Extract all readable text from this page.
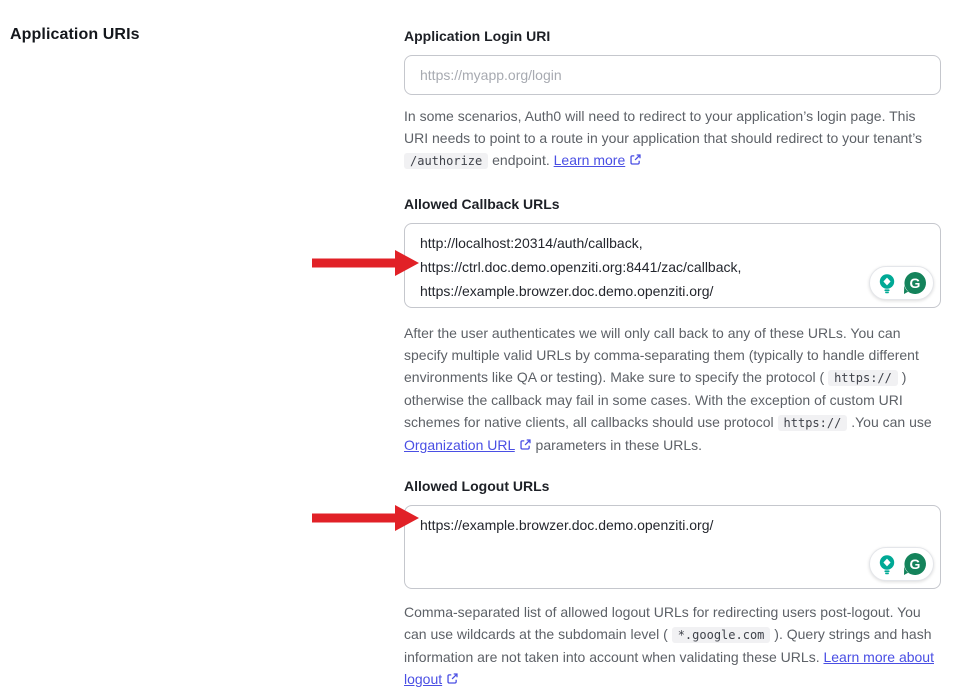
Application URIs	Application Login URI
https://myapp.org/login
In some scenarios, Auth0 will need to redirect to your application’s login page. This URI needs to point to a route in your application that should redirect to your tenant’s /authorize endpoint. Learn more
Allowed Callback URLs
http://localhost:20314/auth/callback, https://ctrl.doc.demo.openziti.org:8441/zac/callback, https://example.browzer.doc.demo.openziti.org/
G
After the user authenticates we will only call back to any of these URLs. You can specify multiple valid URLs by comma-separating them (typically to handle different environments like QA or testing). Make sure to specify the protocol ( https:// ) otherwise the callback may fail in some cases. With the exception of custom URI schemes for native clients, all callbacks should use protocol https:// .You can use Organization URL parameters in these URLs.
Allowed Logout URLs
https://example.browzer.doc.demo.openziti.org/
G
Comma-separated list of allowed logout URLs for redirecting users post-logout. You can use wildcards at the subdomain level ( *.google.com ). Query strings and hash information are not taken into account when validating these URLs. Learn more about logout
